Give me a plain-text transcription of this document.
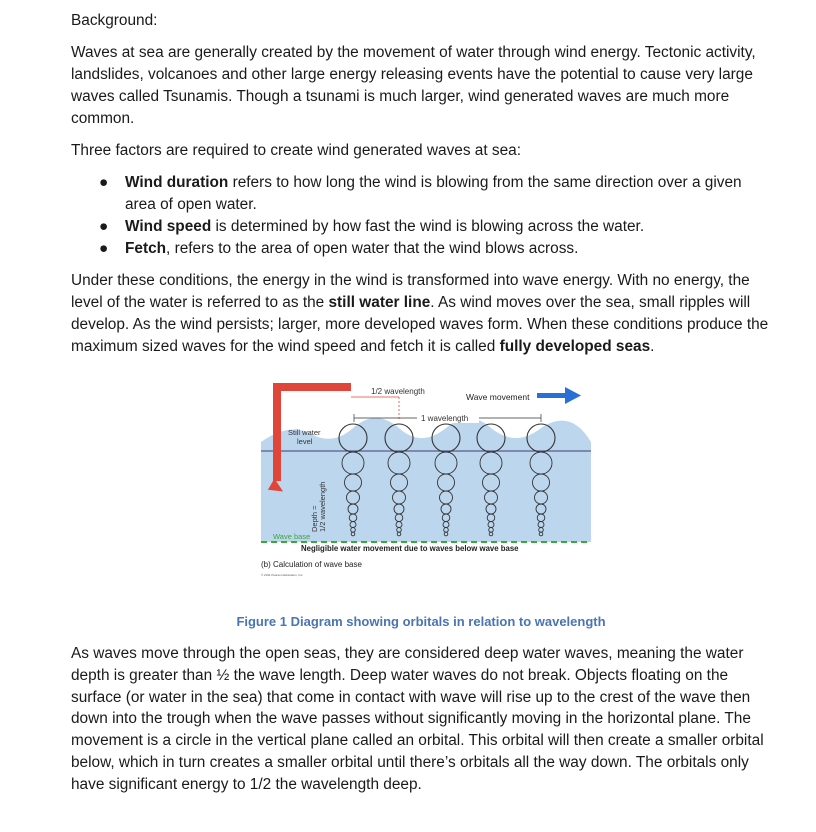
Background:

Waves at sea are generally created by the movement of water through wind energy. Tectonic activity, landslides, volcanoes and other large energy releasing events have the potential to cause very large waves called Tsunamis. Though a tsunami is much larger, wind generated waves are much more common.

Three factors are required to create wind generated waves at sea:

● Wind duration refers to how long the wind is blowing from the same direction over a given area of open water.
● Wind speed is determined by how fast the wind is blowing across the water.
● Fetch, refers to the area of open water that the wind blows across.

Under these conditions, the energy in the wind is transformed into wave energy. With no energy, the level of the water is referred to as the still water line. As wind moves over the sea, small ripples will develop. As the wind persists; larger, more developed waves form. When these conditions produce the maximum sized waves for the wind speed and fetch it is called fully developed seas.

Wave movement
Still water
level
Depth = 1/2 wavelength
1/2 wavelength
1 wavelength
Wave base
Negligible water movement due to waves below wave base
(b) Calculation of wave base
© 2011 Pearson Education, Inc.

Figure 1 Diagram showing orbitals in relation to wavelength

As waves move through the open seas, they are considered deep water waves, meaning the water depth is greater than ½ the wave length. Deep water waves do not break. Objects floating on the surface (or water in the sea) that come in contact with wave will rise up to the crest of the wave then down into the trough when the wave passes without significantly moving in the horizontal plane. The movement is a circle in the vertical plane called an orbital. This orbital will then create a smaller orbital below, which in turn creates a smaller orbital until there’s orbitals all the way down. The orbitals only have significant energy to 1/2 the wavelength deep.
